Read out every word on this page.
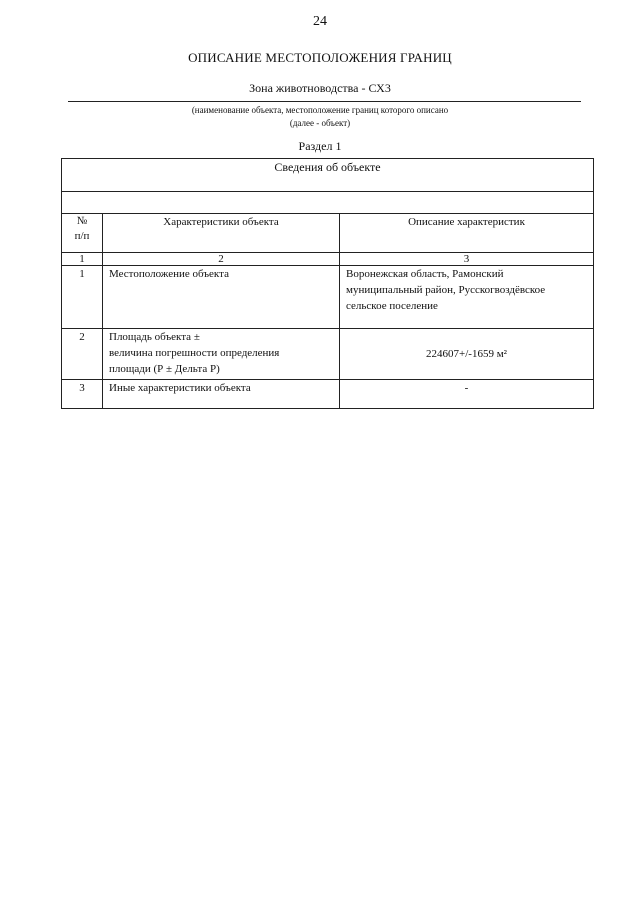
24
ОПИСАНИЕ МЕСТОПОЛОЖЕНИЯ ГРАНИЦ
Зона животноводства - СХ3
(наименование объекта, местоположение границ которого описано
(далее - объект)
Раздел 1
Сведения об объекте		

№
п/п	Характеристики объекта	Описание характеристик
1	2	3
1	Местоположение объекта	Воронежская область, Рамонский
муниципальный район, Русскогвоздёвское
сельское поселение

2	Площадь объекта ±
величина погрешности определения
площади (Р ± Дельта Р)	224607+/-1659 м²
3	Иные характеристики объекта	-
